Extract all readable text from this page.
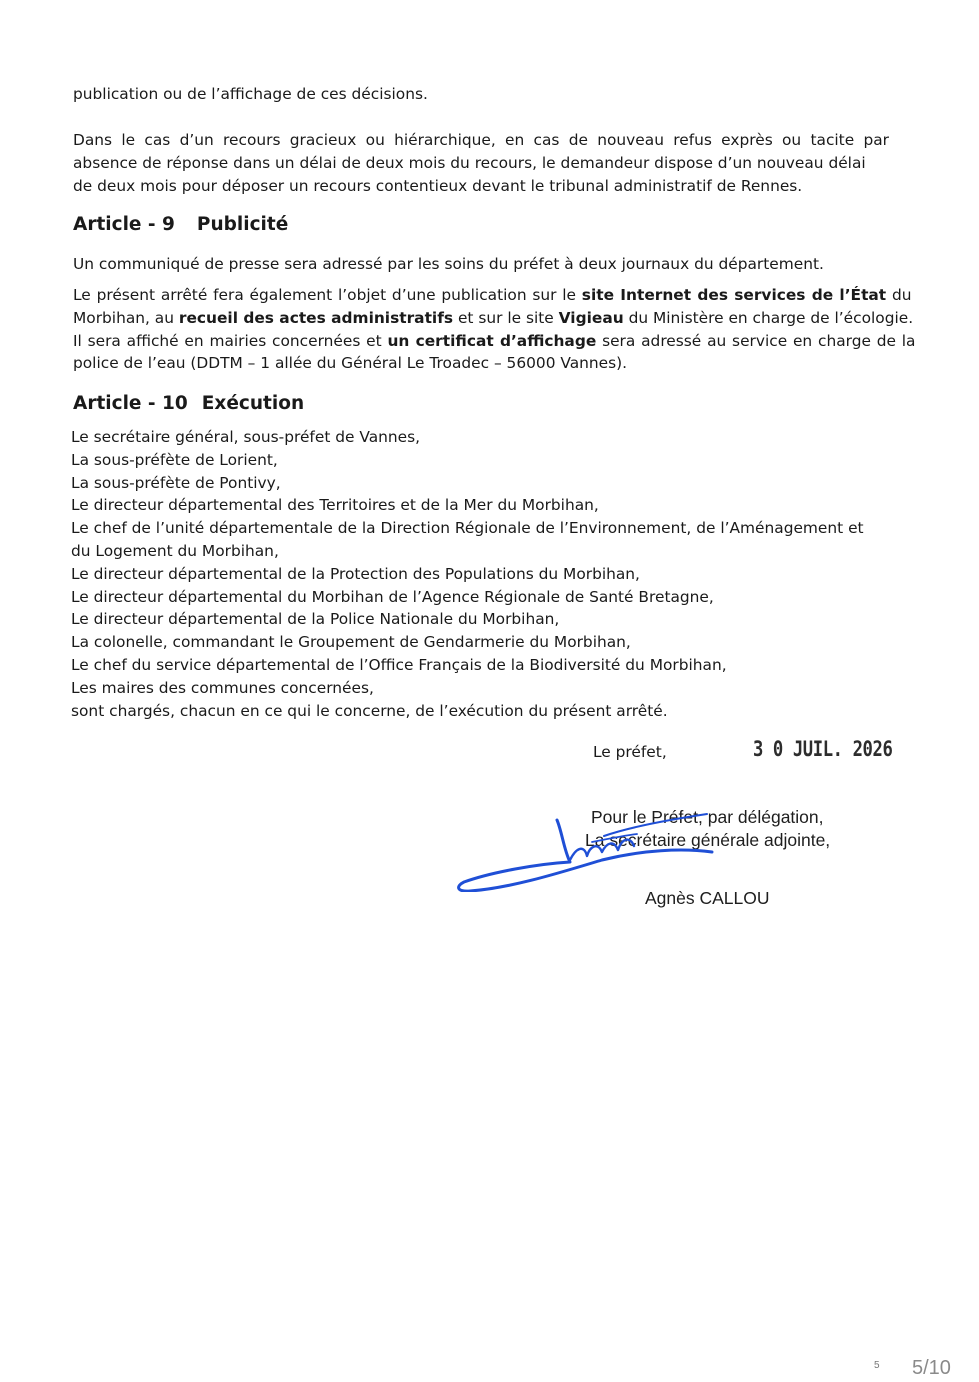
publication ou de l’affichage de ces décisions.

Dans le cas d’un recours gracieux ou hiérarchique, en cas de nouveau refus exprès ou tacite par
absence de réponse dans un délai de deux mois du recours, le demandeur dispose d’un nouveau délai
de deux mois pour déposer un recours contentieux devant le tribunal administratif de Rennes.

Article - 9 Publicité

Un communiqué de presse sera adressé par les soins du préfet à deux journaux du département.

Le présent arrêté fera également l’objet d’une publication sur le site Internet des services de l’État du
Morbihan, au recueil des actes administratifs et sur le site Vigieau du Ministère en charge de l’écologie.
Il sera affiché en mairies concernées et un certificat d’affichage sera adressé au service en charge de la
police de l’eau (DDTM – 1 allée du Général Le Troadec – 56000 Vannes).
Article - 10 Exécution
Le secrétaire général, sous-préfet de Vannes,
La sous-préfète de Lorient,
La sous-préfète de Pontivy,
Le directeur départemental des Territoires et de la Mer du Morbihan,
Le chef de l’unité départementale de la Direction Régionale de l’Environnement, de l’Aménagement et
du Logement du Morbihan,
Le directeur départemental de la Protection des Populations du Morbihan,
Le directeur départemental du Morbihan de l’Agence Régionale de Santé Bretagne,
Le directeur départemental de la Police Nationale du Morbihan,
La colonelle, commandant le Groupement de Gendarmerie du Morbihan,
Le chef du service départemental de l’Office Français de la Biodiversité du Morbihan,
Les maires des communes concernées,
sont chargés, chacun en ce qui le concerne, de l’exécution du présent arrêté.
Le préfet,	3 0 JUIL. 2026
Pour le Préfet, par délégation,
La secrétaire générale adjointe,
Agnès CALLOU
5 5/10
